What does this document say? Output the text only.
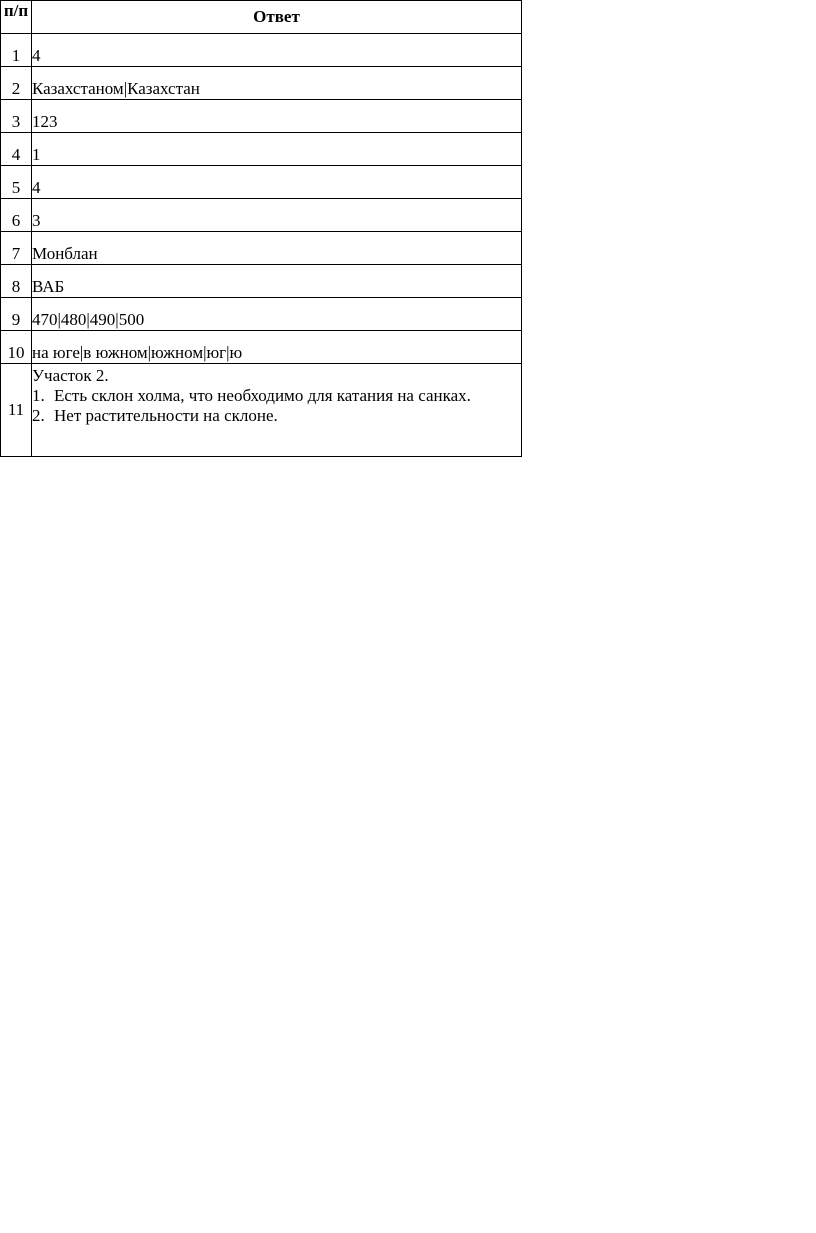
п/п	Ответ
1	4
2	Казахстаном|Казахстан
3	123
4	1
5	4
6	3
7	Монблан
8	ВАБ
9	470|480|490|500
10	на юге|в южном|южном|юг|ю
11	Участок 2.
1. Есть склон холма, что необходимо для катания на санках.
2. Нет растительности на склоне.
